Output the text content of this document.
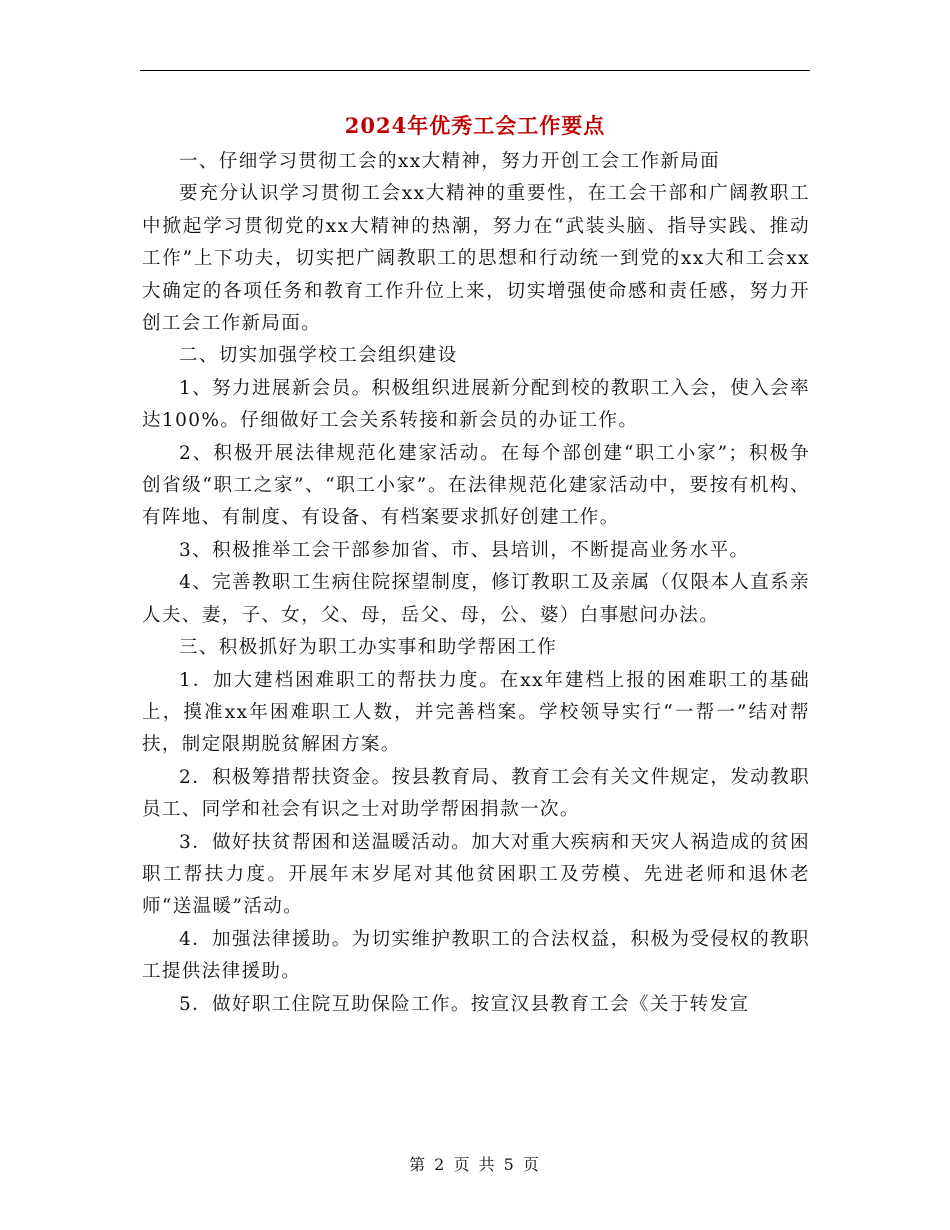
2024年优秀工会工作要点

一、仔细学习贯彻工会的xx大精神，努力开创工会工作新局面

要充分认识学习贯彻工会xx大精神的重要性，在工会干部和广阔教职工中掀起学习贯彻党的xx大精神的热潮，努力在“武装头脑、指导实践、推动工作”上下功夫，切实把广阔教职工的思想和行动统一到党的xx大和工会xx大确定的各项任务和教育工作升位上来，切实增强使命感和责任感，努力开创工会工作新局面。

二、切实加强学校工会组织建设

1、努力进展新会员。积极组织进展新分配到校的教职工入会，使入会率达100%。仔细做好工会关系转接和新会员的办证工作。

2、积极开展法律规范化建家活动。在每个部创建“职工小家”；积极争创省级“职工之家”、“职工小家”。在法律规范化建家活动中，要按有机构、有阵地、有制度、有设备、有档案要求抓好创建工作。

3、积极推举工会干部参加省、市、县培训，不断提高业务水平。

4、完善教职工生病住院探望制度，修订教职工及亲属（仅限本人直系亲人夫、妻，子、女，父、母，岳父、母，公、婆）白事慰问办法。

三、积极抓好为职工办实事和助学帮困工作

1．加大建档困难职工的帮扶力度。在xx年建档上报的困难职工的基础上，摸准xx年困难职工人数，并完善档案。学校领导实行“一帮一”结对帮扶，制定限期脱贫解困方案。

2．积极筹措帮扶资金。按县教育局、教育工会有关文件规定，发动教职员工、同学和社会有识之士对助学帮困捐款一次。

3．做好扶贫帮困和送温暖活动。加大对重大疾病和天灾人祸造成的贫困职工帮扶力度。开展年末岁尾对其他贫困职工及劳模、先进老师和退休老师“送温暖”活动。

4．加强法律援助。为切实维护教职工的合法权益，积极为受侵权的教职工提供法律援助。

5．做好职工住院互助保险工作。按宣汉县教育工会《关于转发宣

第 2 页 共 5 页
